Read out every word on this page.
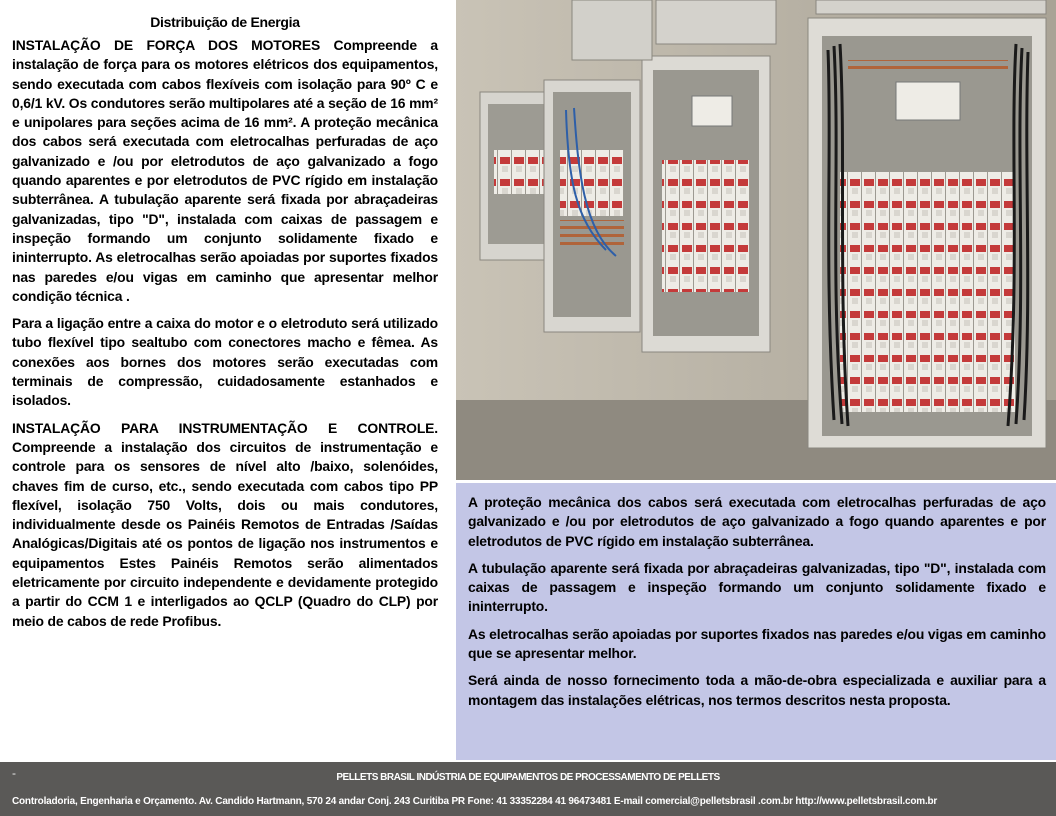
Distribuição de Energia

INSTALAÇÃO DE FORÇA DOS MOTORES Compreende a instalação de força para os motores elétricos dos equipamentos, sendo executada com cabos flexíveis com isolação para 90º C e 0,6/1 kV. Os condutores serão multipolares até a seção de 16 mm² e unipolares para seções acima de 16 mm². A proteção mecânica dos cabos será executada com eletrocalhas perfuradas de aço galvanizado e /ou por eletrodutos de aço galvanizado a fogo quando aparentes e por eletrodutos de PVC rígido em instalação subterrânea. A tubulação aparente será fixada por abraçadeiras galvanizadas, tipo "D", instalada com caixas de passagem e inspeção formando um conjunto solidamente fixado e ininterrupto. As eletrocalhas serão apoiadas por suportes fixados nas paredes e/ou vigas em caminho que apresentar melhor condição técnica .

Para a ligação entre a caixa do motor e o eletroduto será utilizado tubo flexível tipo sealtubo com conectores macho e fêmea. As conexões aos bornes dos motores serão executadas com terminais de compressão, cuidadosamente estanhados e isolados.

INSTALAÇÃO PARA INSTRUMENTAÇÃO E CONTROLE. Compreende a instalação dos circuitos de instrumentação e controle para os sensores de nível alto /baixo, solenóides, chaves fim de curso, etc., sendo executada com cabos tipo PP flexível, isolação 750 Volts, dois ou mais condutores, individualmente desde os Painéis Remotos de Entradas /Saídas Analógicas/Digitais até os pontos de ligação nos instrumentos e equipamentos Estes Painéis Remotos serão alimentados eletricamente por circuito independente e devidamente protegido a partir do CCM 1 e interligados ao QCLP (Quadro do CLP) por meio de cabos de rede Profibus.

A proteção mecânica dos cabos será executada com eletrocalhas perfuradas de aço galvanizado e /ou por eletrodutos de aço galvanizado a fogo quando aparentes e por eletrodutos de PVC rígido em instalação subterrânea.

A tubulação aparente será fixada por abraçadeiras galvanizadas, tipo "D", instalada com caixas de passagem e inspeção formando um conjunto solidamente fixado e ininterrupto.

As eletrocalhas serão apoiadas por suportes fixados nas paredes e/ou vigas em caminho que se apresentar melhor.

Será ainda de nosso fornecimento toda a mão-de-obra especializada e auxiliar para a montagem das instalações elétricas, nos termos descritos nesta proposta.

-	PELLETS BRASIL INDÚSTRIA DE EQUIPAMENTOS DE PROCESSAMENTO DE PELLETS
Controladoria, Engenharia e Orçamento. Av. Candido Hartmann, 570 24 andar Conj. 243 Curitiba PR Fone: 41 33352284 41 96473481 E-mail comercial@pelletsbrasil .com.br http://www.pelletsbrasil.com.br
